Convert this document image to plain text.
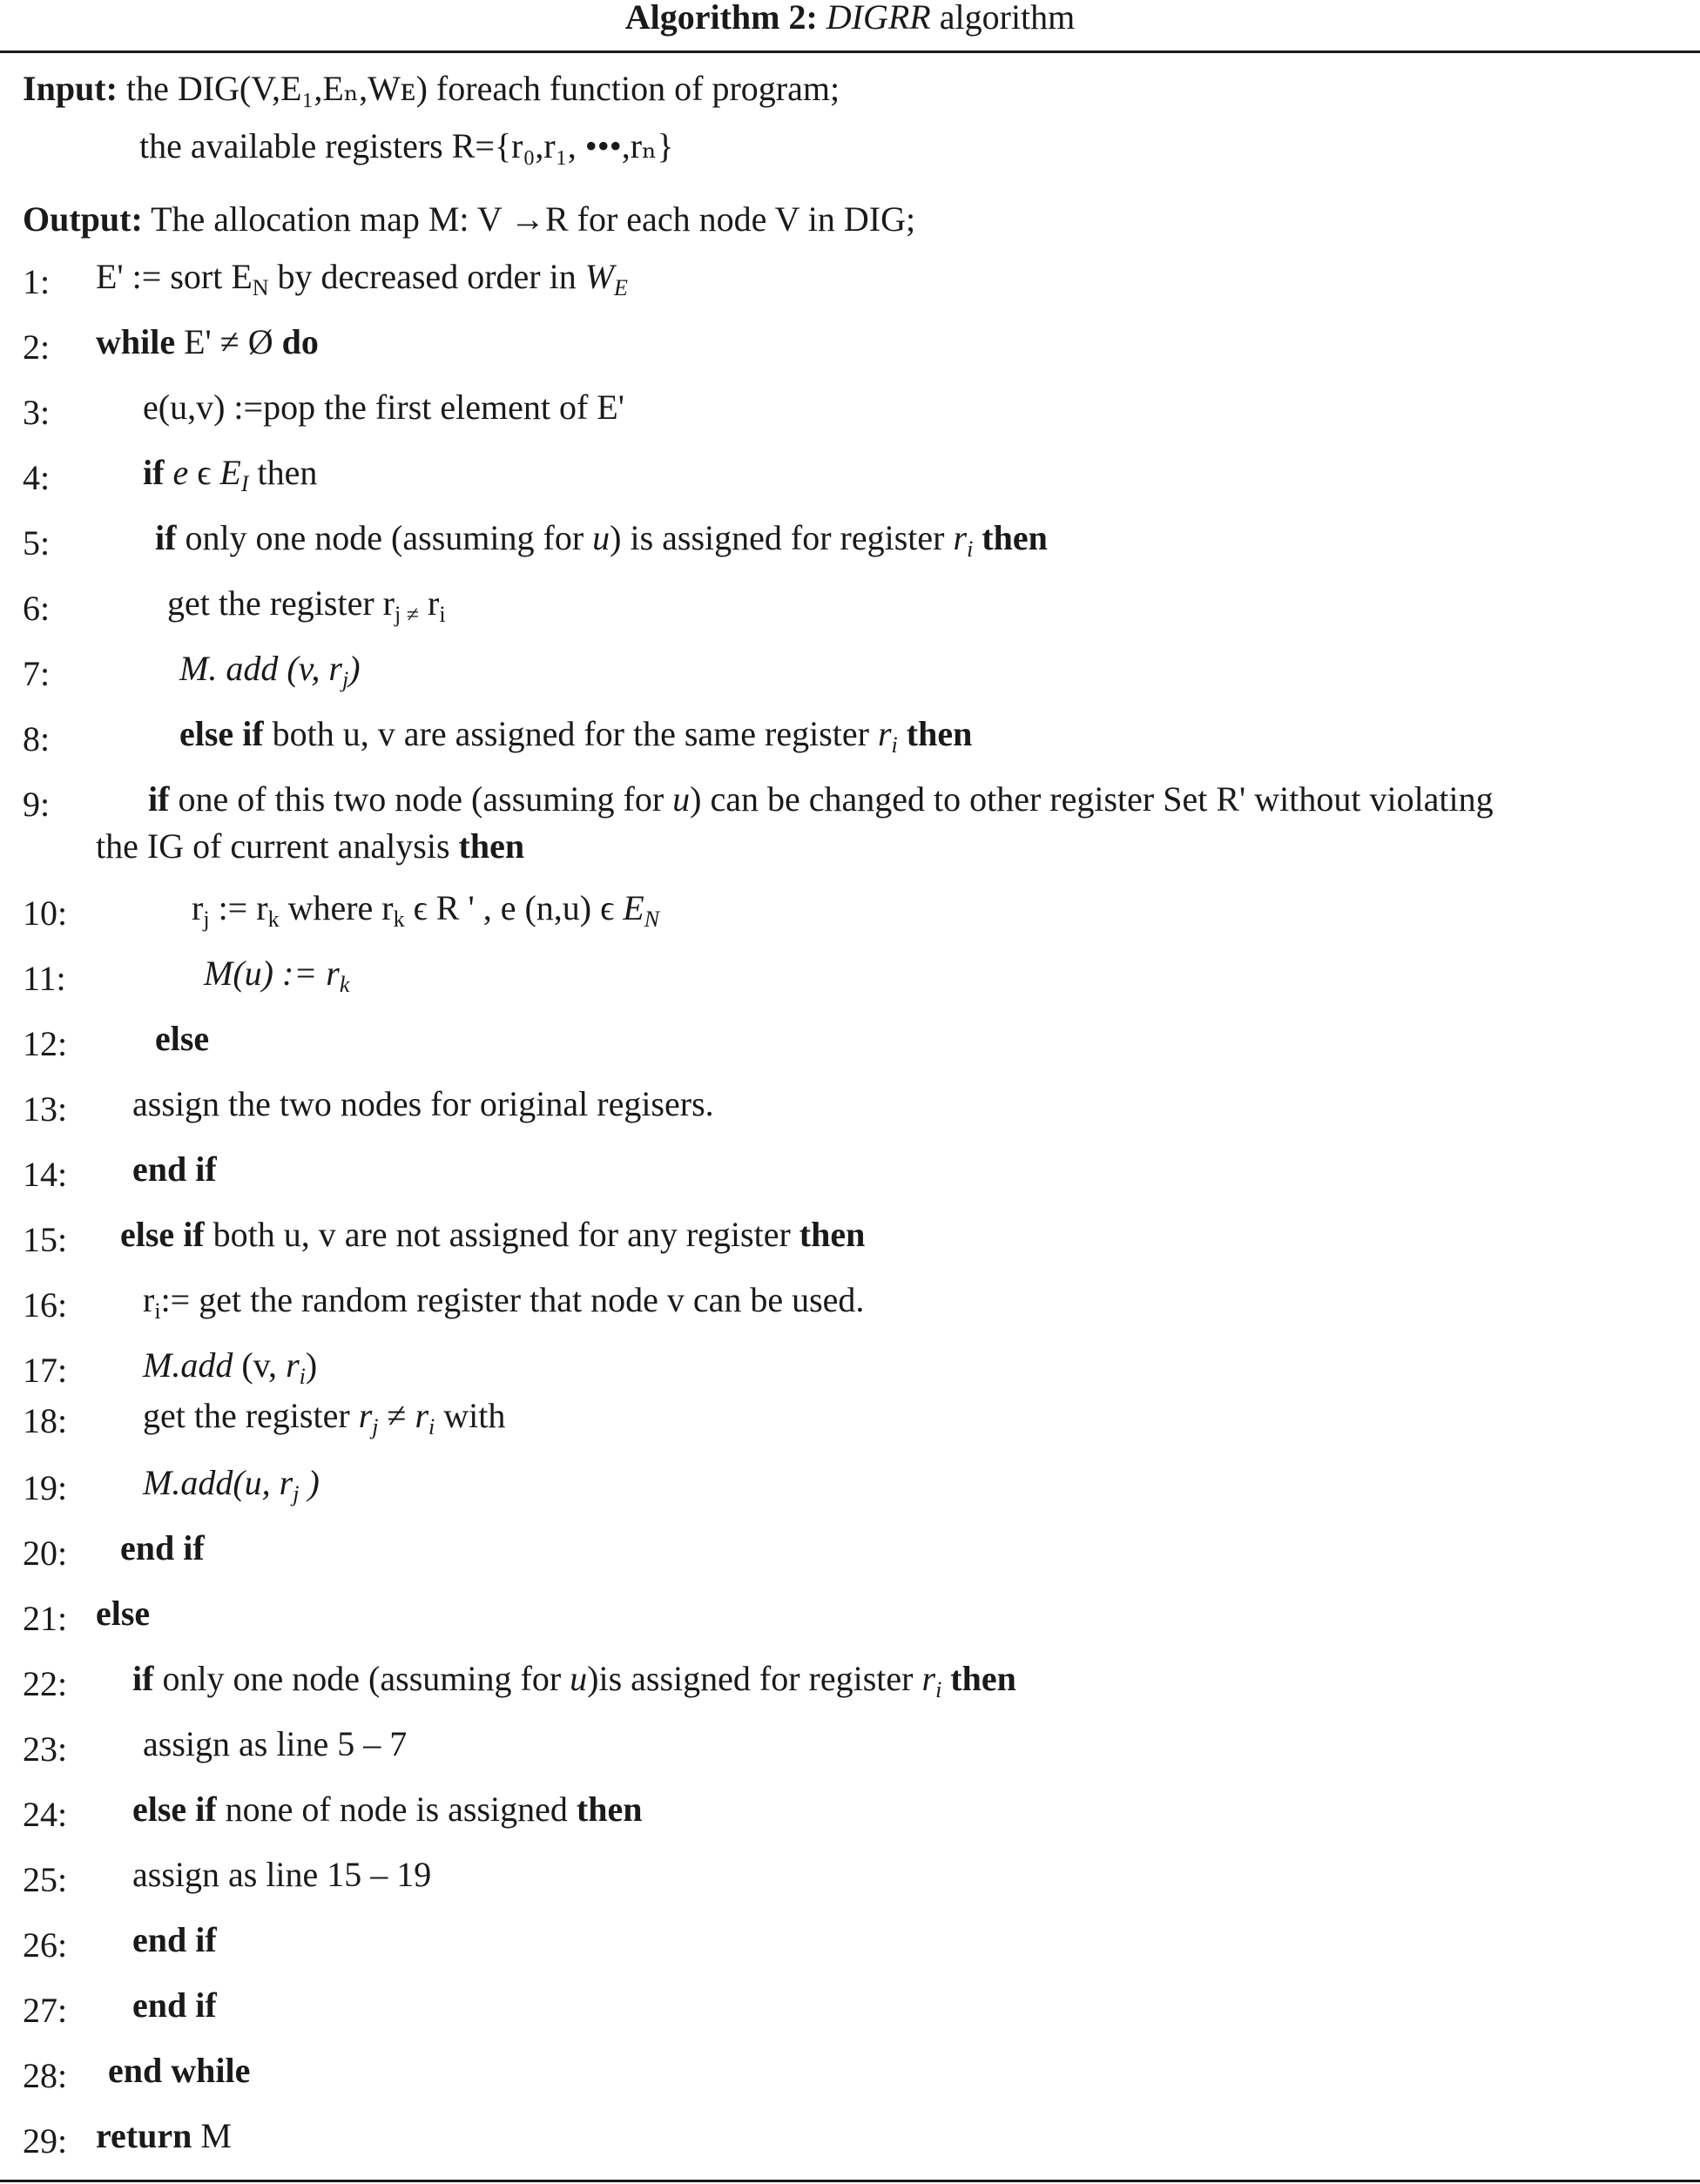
Algorithm 2: DIGRR algorithm
Input: the DIG(V,E₁,Eₙ,Wᴇ) foreach function of program;
the available registers R={r₀,r₁, •••,rₙ}
Output: The allocation map M: V →R for each node V in DIG;
1: E' := sort $E_N$ by decreased order in $W_E$
2: while E' ≠ Ø do
3:	e(u,v) :=pop the first element of E'
4:	if e ϵ $E_I$ then
5:	if only one node (assuming for u) is assigned for register $r_i$ then
6:	get the register $r_{j \ne}$ $r_i$
7:	M. add (v, $r_j$)
8:	else if both u, v are assigned for the same register $r_i$ then
9:	if one of this two node (assuming for u) can be changed to other register Set R' without violating
the IG of current analysis then
10:	$r_j$ := $r_k$ where $r_k$ ϵ R ' , e (n,u) ϵ $E_N$
11:	M(u) := $r_k$
12:	else
13: assign the two nodes for original regisers.
14: end if
15: else if both u, v are not assigned for any register then
16: $r_i:=$ get the random register that node v can be used.
17: M.add (v, $r_i$)
18: get the register $r_j \ne r_i$ with
19: M.add(u, $r_j$ )
20: end if
21: else
22: if only one node (assuming for u)is assigned for register $r_i$ then
23: assign as line 5 – 7
24: else if none of node is assigned then
25: assign as line 15 – 19
26: end if
27: end if
28: end while
29: return M
